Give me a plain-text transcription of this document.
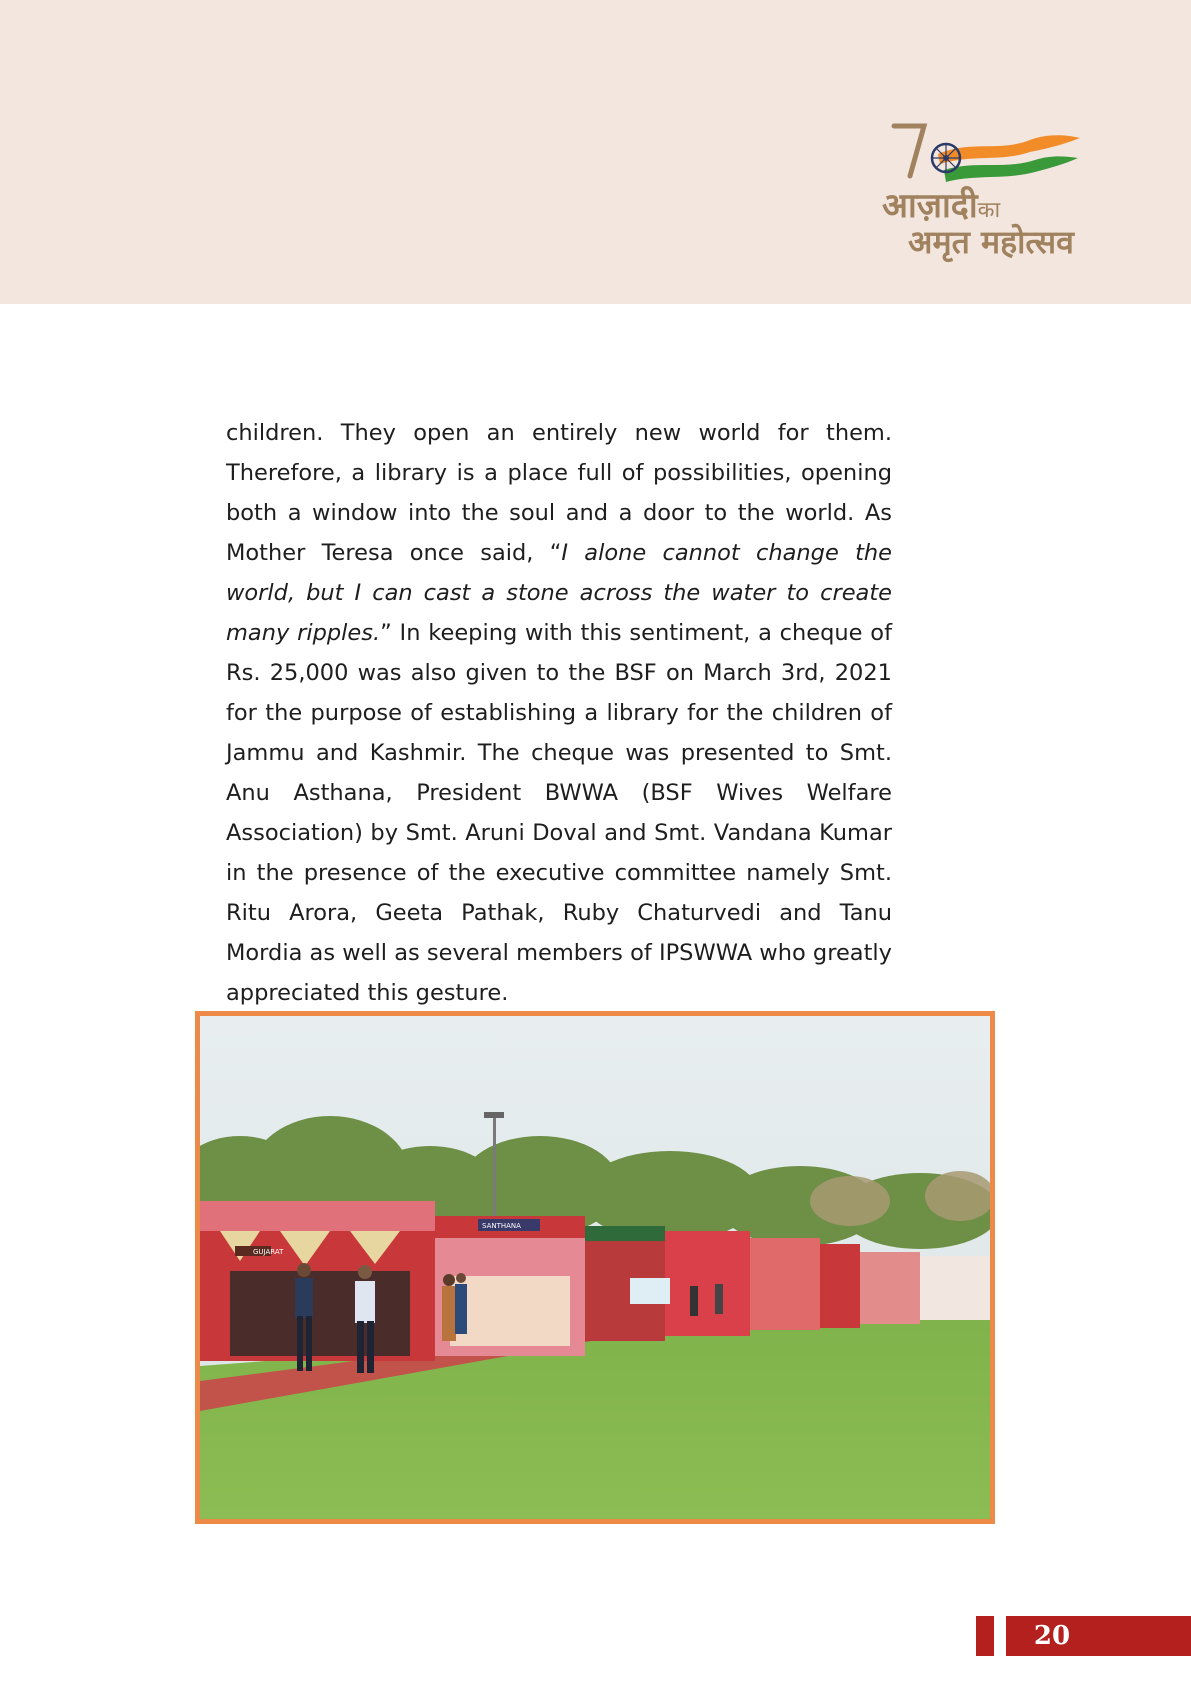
आज़ादीका
अमृत महोत्सव

children. They open an entirely new world for them. Therefore, a library is a place full of possibilities, opening both a window into the soul and a door to the world. As Mother Teresa once said, “I alone cannot change the world, but I can cast a stone across the water to create many ripples.” In keeping with this sentiment, a cheque of Rs. 25,000 was also given to the BSF on March 3rd, 2021 for the purpose of establishing a library for the children of Jammu and Kashmir. The cheque was presented to Smt. Anu Asthana, President BWWA (BSF Wives Welfare Association) by Smt. Aruni Doval and Smt. Vandana Kumar in the presence of the executive committee namely Smt. Ritu Arora, Geeta Pathak, Ruby Chaturvedi and Tanu Mordia as well as several members of IPSWWA who greatly appreciated this gesture.

GUJARAT
SANTHANA
20
